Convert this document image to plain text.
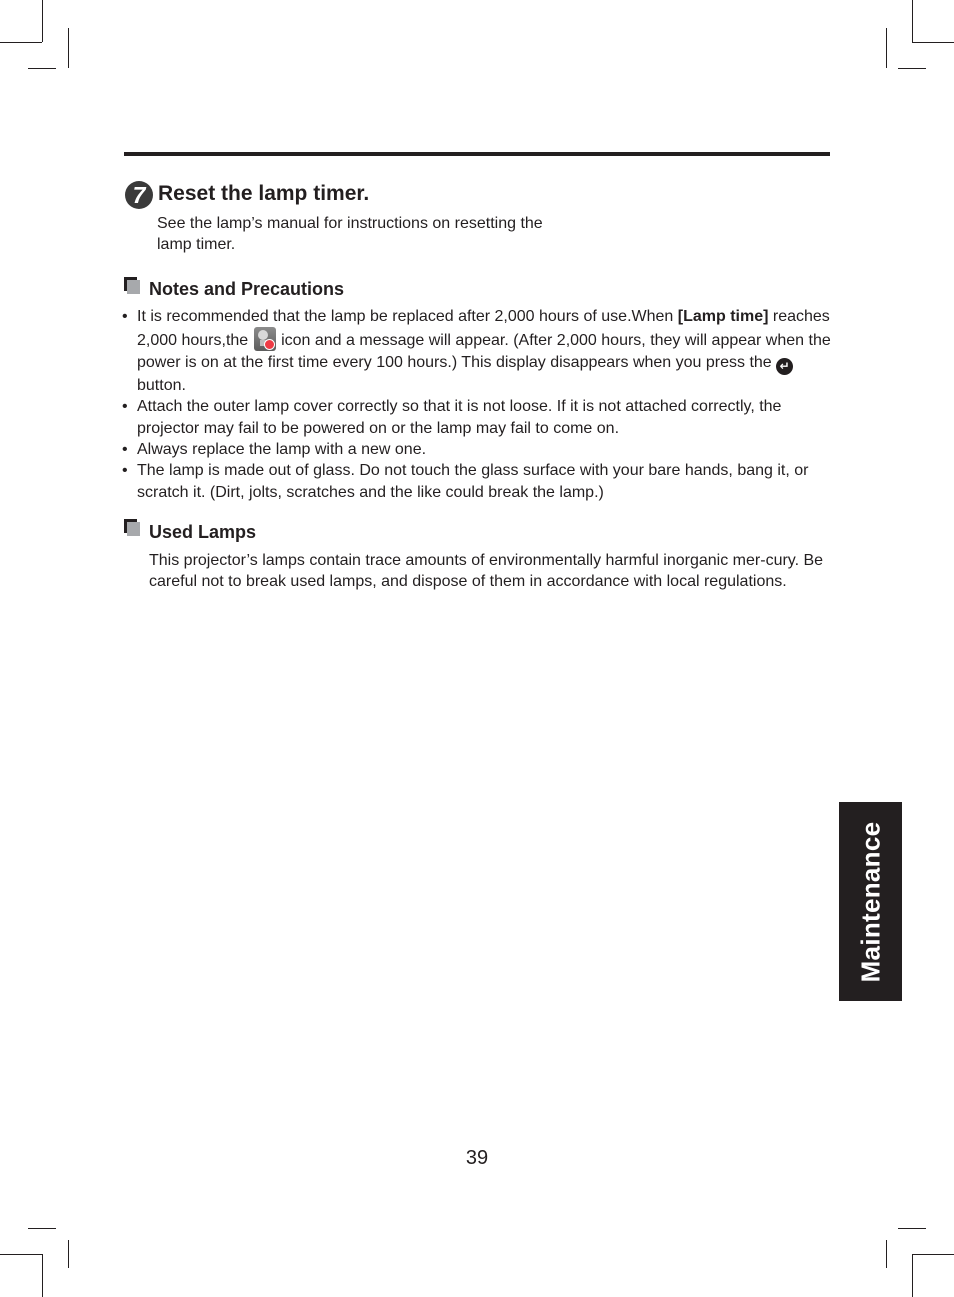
7 Reset the lamp timer.

See the lamp’s manual for instructions on resetting the lamp timer.

Notes and Precautions
• It is recommended that the lamp be replaced after 2,000 hours of use.When [Lamp time] reaches 2,000 hours,the
icon and a message will appear. (After 2,000 hours, they will appear when the power is on at the first time every 100 hours.) This display disappears when you press the ↵ button.
• Attach the outer lamp cover correctly so that it is not loose. If it is not attached correctly, the projector may fail to be powered on or the lamp may fail to come on.
• Always replace the lamp with a new one.
• The lamp is made out of glass. Do not touch the glass surface with your bare hands, bang it, or scratch it. (Dirt, jolts, scratches and the like could break the lamp.)
Used Lamps

This projector’s lamps contain trace amounts of environmentally harmful inorganic mer-cury. Be careful not to break used lamps, and dispose of them in accordance with local regulations.

Maintenance

39
